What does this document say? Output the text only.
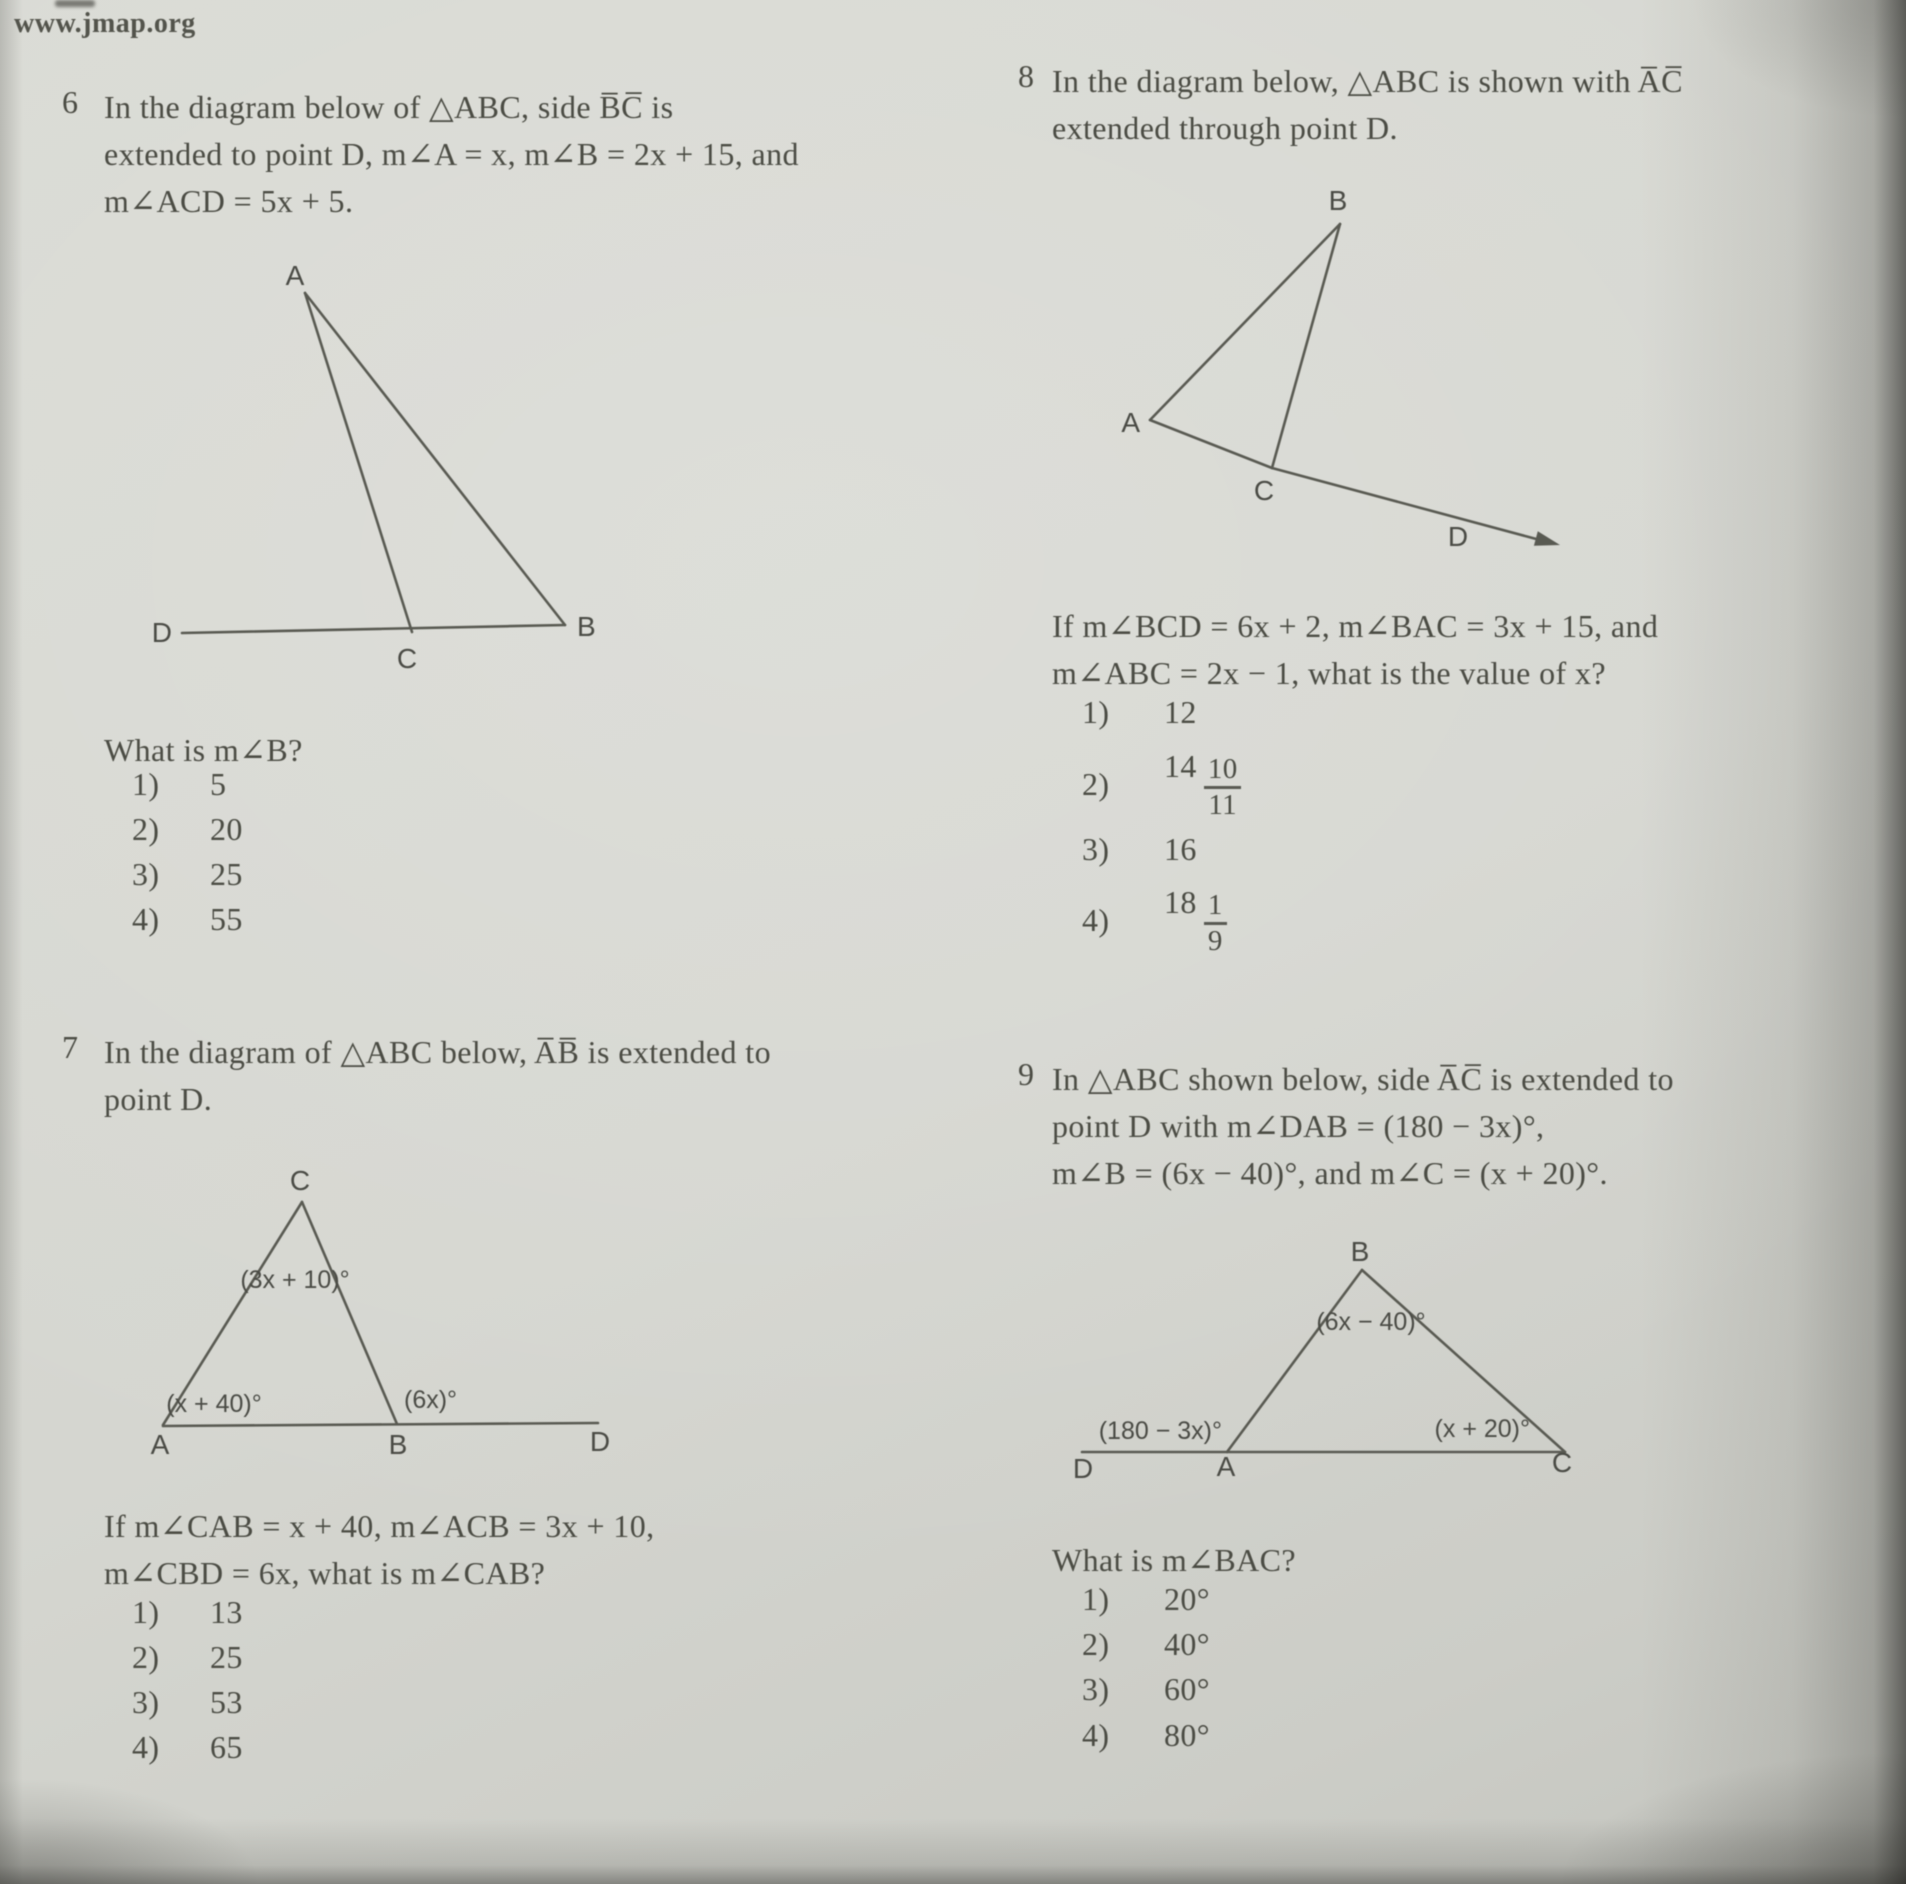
www.jmap.org
6 In the diagram below of △ABC, side B̅C̅ is
extended to point D, m∠A = x, m∠B = 2x + 15, and
m∠ACD = 5x + 5.
A
D
C
B
What is m∠B?
1)	5
2)	20
3)	25
4)	55
7 In the diagram of △ABC below, A̅B̅ is extended to
point D.
C
A	B	D
(3x + 10)°
(x + 40)°	(6x)°
If m∠CAB = x + 40, m∠ACB = 3x + 10,
m∠CBD = 6x, what is m∠CAB?
1)	13
2)	25
3)	53
4)	65
8 In the diagram below, △ABC is shown with A̅C̅
extended through point D.
B
A
C
D
If m∠BCD = 6x + 2, m∠BAC = 3x + 15, and
m∠ABC = 2x − 1, what is the value of x?
1)	12
2)	$14 \frac{10}{11}$
3)	16
4)	$18 \frac{1}{9}$
9 In △ABC shown below, side A̅C̅ is extended to
point D with m∠DAB = (180 − 3x)°,
m∠B = (6x − 40)°, and m∠C = (x + 20)°.
B
D	A	C
(6x − 40)°
(180 − 3x)°	(x + 20)°
What is m∠BAC?
1)	20°
2)	40°
3)	60°
4)	80°
